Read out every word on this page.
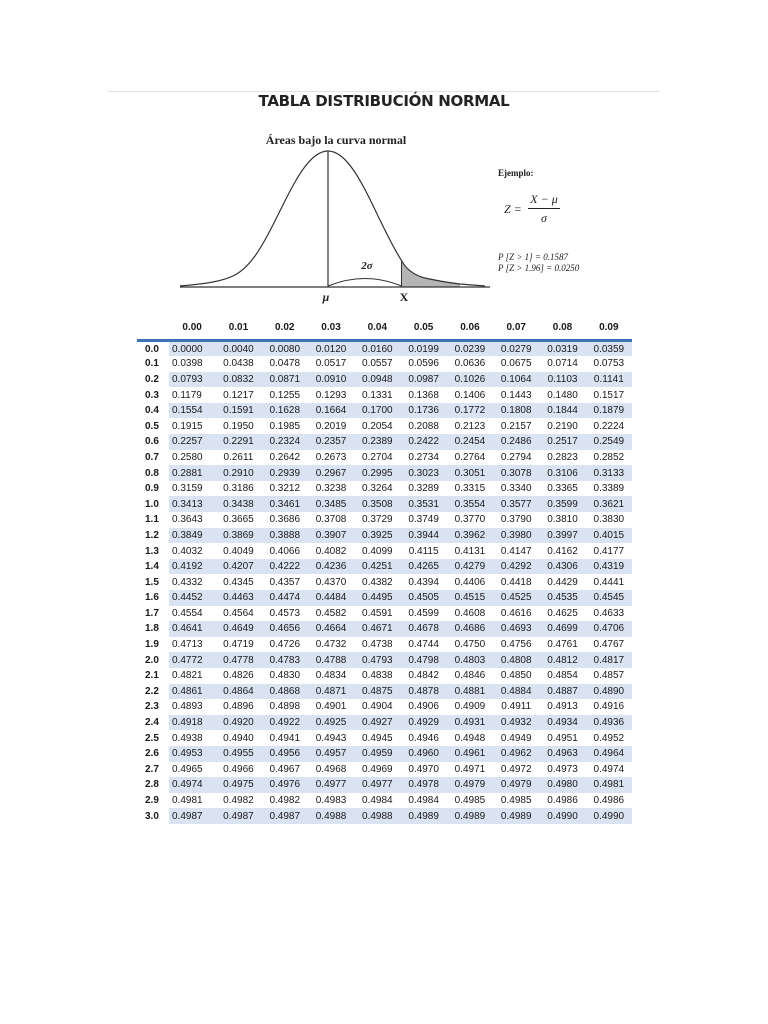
TABLA DISTRIBUCIÓN NORMAL
Áreas bajo la curva normal
2σ
μ	X
Ejemplo:
$Z = \frac{X - \mu}{\sigma}$
P [Z > 1] = 0.1587
P [Z > 1.96] = 0.0250
	0.00	0.01	0.02	0.03	0.04	0.05	0.06	0.07	0.08	0.09
0.0	0.0000	0.0040	0.0080	0.0120	0.0160	0.0199	0.0239	0.0279	0.0319	0.0359
0.1	0.0398	0.0438	0.0478	0.0517	0.0557	0.0596	0.0636	0.0675	0.0714	0.0753
0.2	0.0793	0.0832	0.0871	0.0910	0.0948	0.0987	0.1026	0.1064	0.1103	0.1141
0.3	0.1179	0.1217	0.1255	0.1293	0.1331	0.1368	0.1406	0.1443	0.1480	0.1517
0.4	0.1554	0.1591	0.1628	0.1664	0.1700	0.1736	0.1772	0.1808	0.1844	0.1879
0.5	0.1915	0.1950	0.1985	0.2019	0.2054	0.2088	0.2123	0.2157	0.2190	0.2224
0.6	0.2257	0.2291	0.2324	0.2357	0.2389	0.2422	0.2454	0.2486	0.2517	0.2549
0.7	0.2580	0.2611	0.2642	0.2673	0.2704	0.2734	0.2764	0.2794	0.2823	0.2852
0.8	0.2881	0.2910	0.2939	0.2967	0.2995	0.3023	0.3051	0.3078	0.3106	0.3133
0.9	0.3159	0.3186	0.3212	0.3238	0.3264	0.3289	0.3315	0.3340	0.3365	0.3389
1.0	0.3413	0.3438	0.3461	0.3485	0.3508	0.3531	0.3554	0.3577	0.3599	0.3621
1.1	0.3643	0.3665	0.3686	0.3708	0.3729	0.3749	0.3770	0.3790	0.3810	0.3830
1.2	0.3849	0.3869	0.3888	0.3907	0.3925	0.3944	0.3962	0.3980	0.3997	0.4015
1.3	0.4032	0.4049	0.4066	0.4082	0.4099	0.4115	0.4131	0.4147	0.4162	0.4177
1.4	0.4192	0.4207	0.4222	0.4236	0.4251	0.4265	0.4279	0.4292	0.4306	0.4319
1.5	0.4332	0.4345	0.4357	0.4370	0.4382	0.4394	0.4406	0.4418	0.4429	0.4441
1.6	0.4452	0.4463	0.4474	0.4484	0.4495	0.4505	0.4515	0.4525	0.4535	0.4545
1.7	0.4554	0.4564	0.4573	0.4582	0.4591	0.4599	0.4608	0.4616	0.4625	0.4633
1.8	0.4641	0.4649	0.4656	0.4664	0.4671	0.4678	0.4686	0.4693	0.4699	0.4706
1.9	0.4713	0.4719	0.4726	0.4732	0.4738	0.4744	0.4750	0.4756	0.4761	0.4767
2.0	0.4772	0.4778	0.4783	0.4788	0.4793	0.4798	0.4803	0.4808	0.4812	0.4817
2.1	0.4821	0.4826	0.4830	0.4834	0.4838	0.4842	0.4846	0.4850	0.4854	0.4857
2.2	0.4861	0.4864	0.4868	0.4871	0.4875	0.4878	0.4881	0.4884	0.4887	0.4890
2.3	0.4893	0.4896	0.4898	0.4901	0.4904	0.4906	0.4909	0.4911	0.4913	0.4916
2.4	0.4918	0.4920	0.4922	0.4925	0.4927	0.4929	0.4931	0.4932	0.4934	0.4936
2.5	0.4938	0.4940	0.4941	0.4943	0.4945	0.4946	0.4948	0.4949	0.4951	0.4952
2.6	0.4953	0.4955	0.4956	0.4957	0.4959	0.4960	0.4961	0.4962	0.4963	0.4964
2.7	0.4965	0.4966	0.4967	0.4968	0.4969	0.4970	0.4971	0.4972	0.4973	0.4974
2.8	0.4974	0.4975	0.4976	0.4977	0.4977	0.4978	0.4979	0.4979	0.4980	0.4981
2.9	0.4981	0.4982	0.4982	0.4983	0.4984	0.4984	0.4985	0.4985	0.4986	0.4986
3.0	0.4987	0.4987	0.4987	0.4988	0.4988	0.4989	0.4989	0.4989	0.4990	0.4990
